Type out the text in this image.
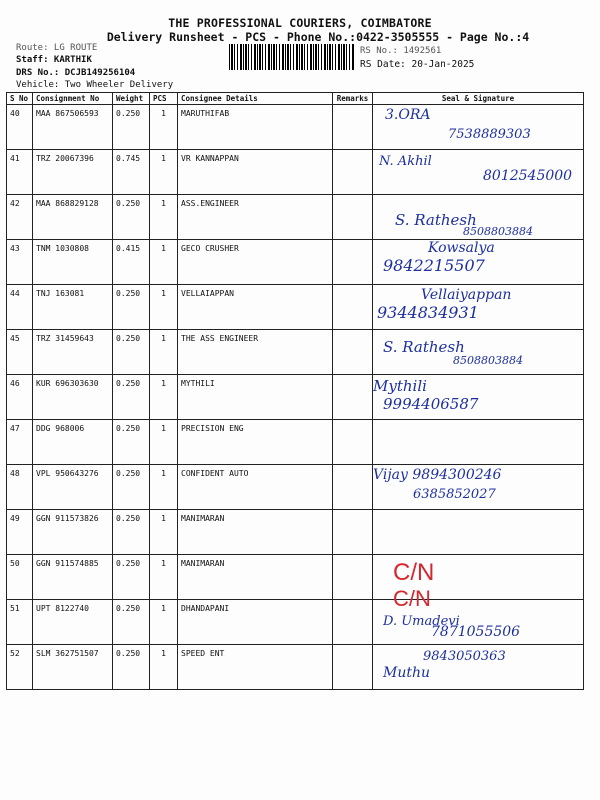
THE PROFESSIONAL COURIERS, COIMBATORE
Delivery Runsheet - PCS - Phone No.:0422-3505555 - Page No.:4
Route: LG ROUTE
Staff: KARTHIK
DRS No.: DCJB149256104
Vehicle: Two Wheeler Delivery
RS No.: 1492561
RS Date: 20-Jan-2025
S No	Consignment No	Weight	PCS	Consignee Details	Remarks	Seal & Signature
40	MAA 867506593	0.250	1	MARUTHIFAB		3.ORA
7538889303

41	TRZ 20067396	0.745	1	VR KANNAPPAN		N. Akhil
8012545000

42	MAA 868829128	0.250	1	ASS.ENGINEER		S. Rathesh
8508803884

43	TNM 1030808	0.415	1	GECO CRUSHER		Kowsalya
9842215507

44	TNJ 163081	0.250	1	VELLAIAPPAN		Vellaiyappan
9344834931

45	TRZ 31459643	0.250	1	THE ASS ENGINEER		S. Rathesh
8508803884

46	KUR 696303630	0.250	1	MYTHILI		Mythili
9994406587

47	DDG 968006	0.250	1	PRECISION ENG		
48	VPL 950643276	0.250	1	CONFIDENT AUTO		Vijay 9894300246
6385852027

49	GGN 911573826	0.250	1	MANIMARAN		
50	GGN 911574885	0.250	1	MANIMARAN		C/N

51	UPT 8122740	0.250	1	DHANDAPANI		C/N
D. Umadevi
7871055506

52	SLM 362751507	0.250	1	SPEED ENT		9843050363
Muthu
